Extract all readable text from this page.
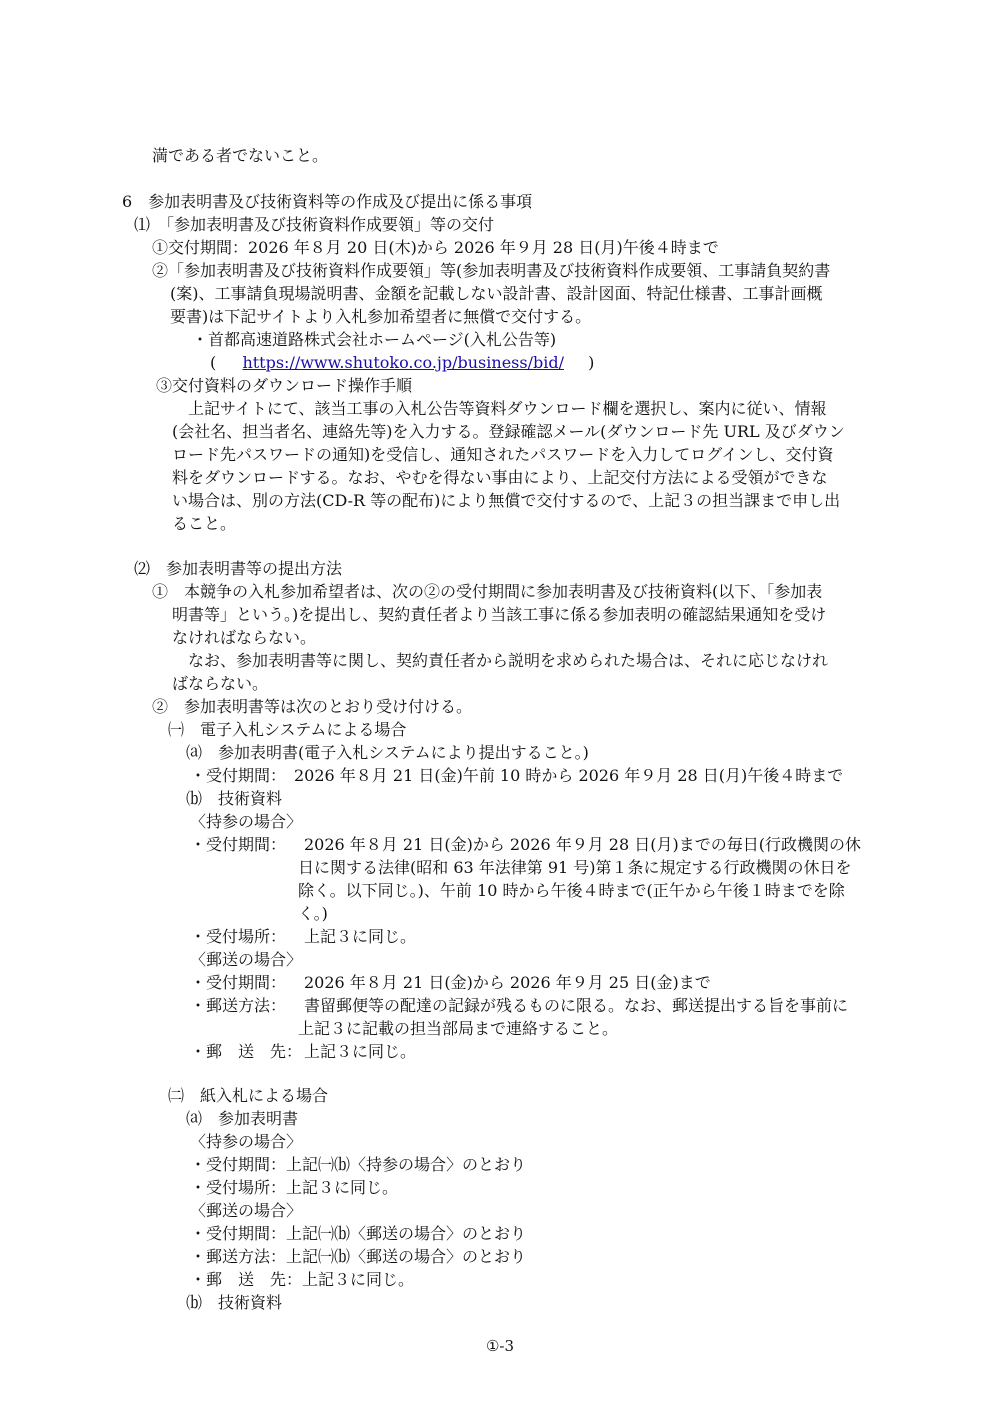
満である者でないこと。
6　参加表明書及び技術資料等の作成及び提出に係る事項
⑴　「参加表明書及び技術資料作成要領」等の交付
①交付期間：2026 年８月 20 日(木)から 2026 年９月 28 日(月)午後４時まで
②「参加表明書及び技術資料作成要領」等(参加表明書及び技術資料作成要領、工事請負契約書
(案)、工事請負現場説明書、金額を記載しない設計書、設計図面、特記仕様書、工事計画概
要書)は下記サイトより入札参加希望者に無償で交付する。
・首都高速道路株式会社ホームページ(入札公告等)
( https://www.shutoko.co.jp/business/bid/ )
③交付資料のダウンロード操作手順
上記サイトにて、該当工事の入札公告等資料ダウンロード欄を選択し、案内に従い、情報
(会社名、担当者名、連絡先等)を入力する。登録確認メール(ダウンロード先 URL 及びダウン
ロード先パスワードの通知)を受信し、通知されたパスワードを入力してログインし、交付資
料をダウンロードする。なお、やむを得ない事由により、上記交付方法による受領ができな
い場合は、別の方法(CD-R 等の配布)により無償で交付するので、上記３の担当課まで申し出
ること。
⑵　参加表明書等の提出方法
①　本競争の入札参加希望者は、次の②の受付期間に参加表明書及び技術資料(以下、「参加表
明書等」という。)を提出し、契約責任者より当該工事に係る参加表明の確認結果通知を受け
なければならない。
なお、参加表明書等に関し、契約責任者から説明を求められた場合は、それに応じなけれ
ばならない。
②　参加表明書等は次のとおり受け付ける。
㈠　電子入札システムによる場合
⒜　参加表明書(電子入札システムにより提出すること。)
・受付期間：　2026 年８月 21 日(金)午前 10 時から 2026 年９月 28 日(月)午後４時まで
⒝　技術資料
〈持参の場合〉
・受付期間： 2026 年８月 21 日(金)から 2026 年９月 28 日(月)までの毎日(行政機関の休
日に関する法律(昭和 63 年法律第 91 号)第１条に規定する行政機関の休日を
除く。以下同じ。)、午前 10 時から午後４時まで(正午から午後１時までを除
く。)
・受付場所： 上記３に同じ。
〈郵送の場合〉
・受付期間： 2026 年８月 21 日(金)から 2026 年９月 25 日(金)まで
・郵送方法： 書留郵便等の配達の記録が残るものに限る。なお、郵送提出する旨を事前に
上記３に記載の担当部局まで連絡すること。
・郵　送　先： 上記３に同じ。
㈡　紙入札による場合
⒜　参加表明書
〈持参の場合〉
・受付期間：上記㈠⒝〈持参の場合〉のとおり
・受付場所：上記３に同じ。
〈郵送の場合〉
・受付期間：上記㈠⒝〈郵送の場合〉のとおり
・郵送方法：上記㈠⒝〈郵送の場合〉のとおり
・郵　送　先：上記３に同じ。
⒝　技術資料
①-3
